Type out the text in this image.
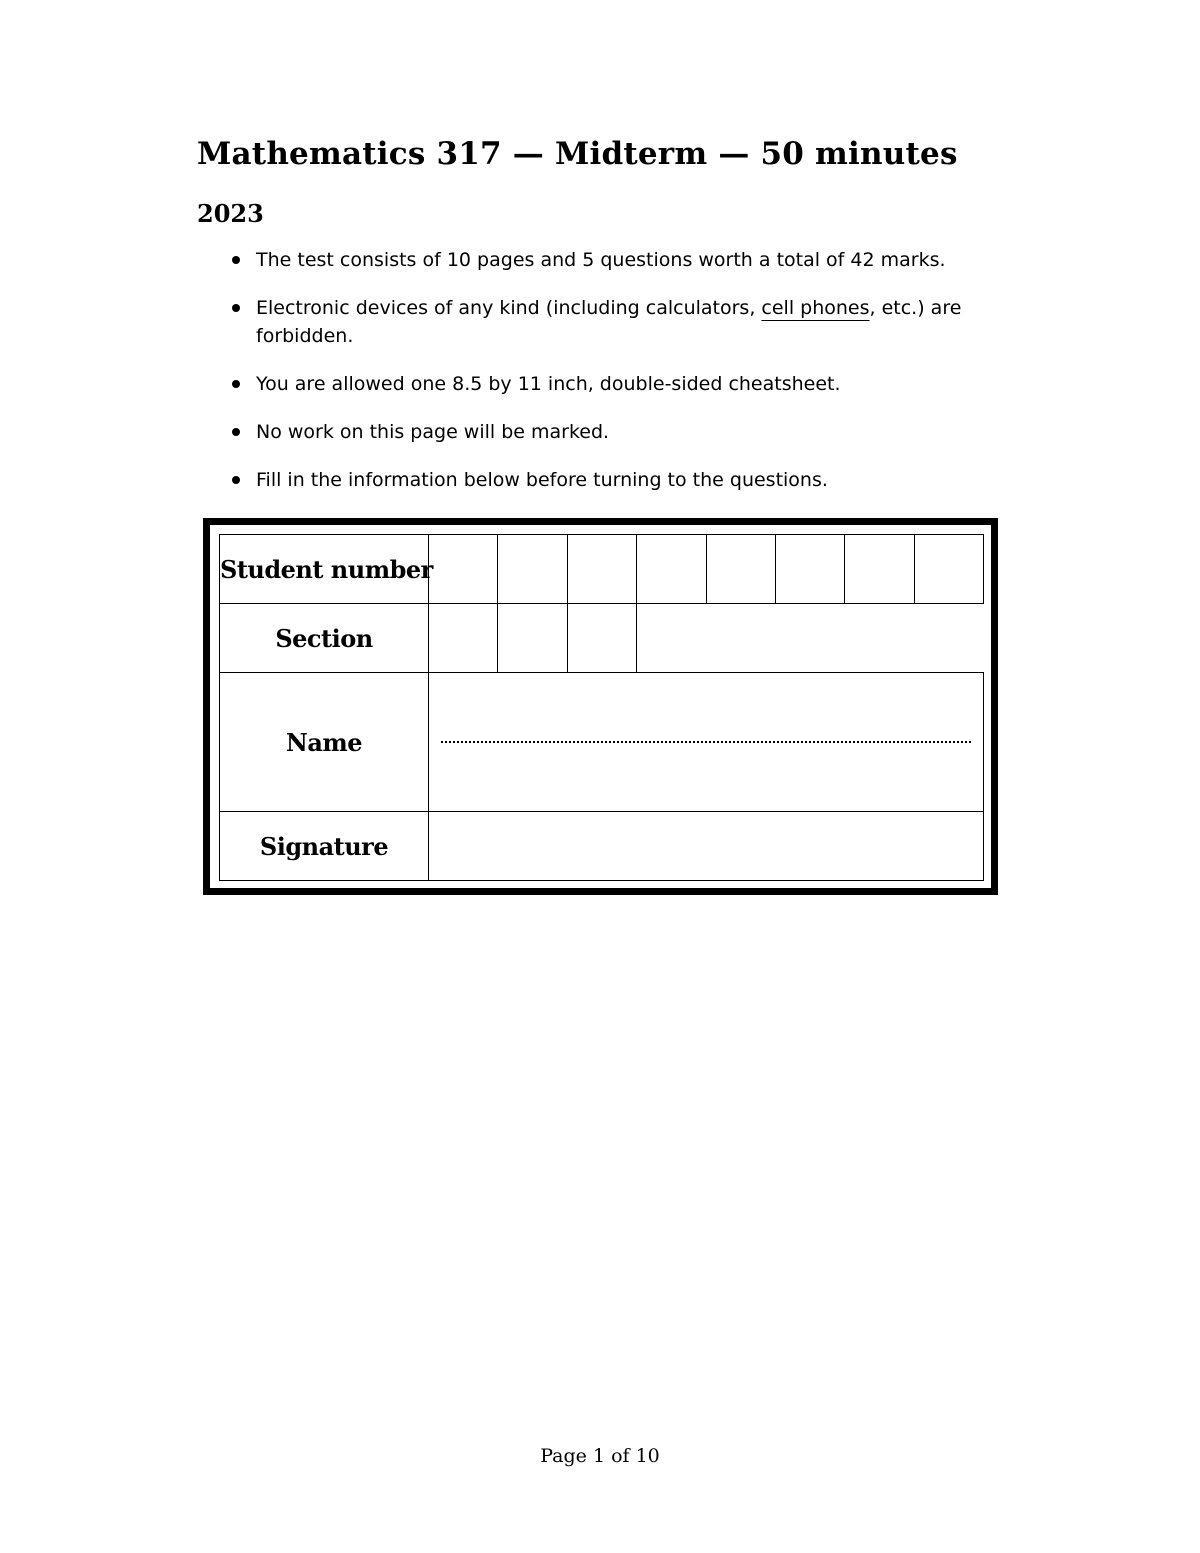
Mathematics 317 — Midterm — 50 minutes
2023
The test consists of 10 pages and 5 questions worth a total of 42 marks.
Electronic devices of any kind (including calculators, cell phones, etc.) are forbidden.
You are allowed one 8.5 by 11 inch, double-sided cheatsheet.
No work on this page will be marked.
Fill in the information below before turning to the questions.
Student number								
Section								
Name								

Signature								
Page 1 of 10
